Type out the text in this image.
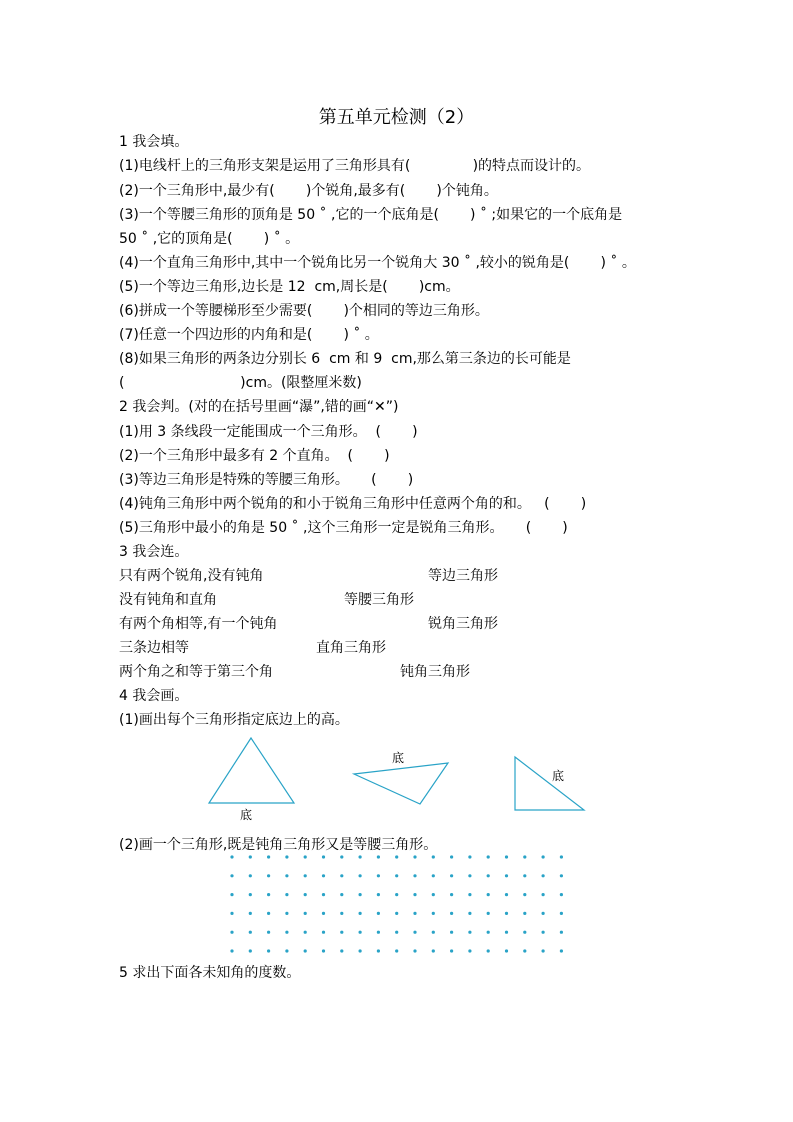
第五单元检测（2）
1 我会填。
(1)电线杆上的三角形支架是运用了三角形具有(              )的特点而设计的。
(2)一个三角形中,最少有(       )个锐角,最多有(       )个钝角。
(3)一个等腰三角形的顶角是 50 ˚ ,它的一个底角是(       ) ˚ ;如果它的一个底角是
50 ˚ ,它的顶角是(       ) ˚ 。
(4)一个直角三角形中,其中一个锐角比另一个锐角大 30 ˚ ,较小的锐角是(       ) ˚ 。
(5)一个等边三角形,边长是 12  cm,周长是(       )cm。
(6)拼成一个等腰梯形至少需要(       )个相同的等边三角形。
(7)任意一个四边形的内角和是(       ) ˚ 。
(8)如果三角形的两条边分别长 6  cm 和 9  cm,那么第三条边的长可能是
(                          )cm。(限整厘米数)
2 我会判。(对的在括号里画“瀑”,错的画“✕”)
(1)用 3 条线段一定能围成一个三角形。  (       )
(2)一个三角形中最多有 2 个直角。  (       )
(3)等边三角形是特殊的等腰三角形。     (       )
(4)钝角三角形中两个锐角的和小于锐角三角形中任意两个角的和。   (       )
(5)三角形中最小的角是 50 ˚ ,这个三角形一定是锐角三角形。     (       )
3 我会连。
只有两个锐角,没有钝角	等边三角形
没有钝角和直角	等腰三角形
有两个角相等,有一个钝角	锐角三角形
三条边相等	直角三角形
两个角之和等于第三个角	钝角三角形
4 我会画。
(1)画出每个三角形指定底边上的高。
底
底
底
(2)画一个三角形,既是钝角三角形又是等腰三角形。
5 求出下面各未知角的度数。
